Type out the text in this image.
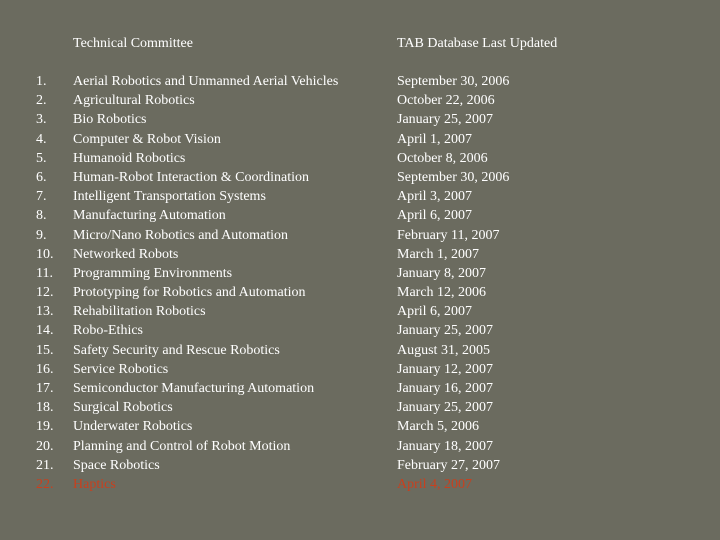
Technical Committee	TAB Database Last Updated
1. Aerial Robotics and Unmanned Aerial Vehicles	September 30, 2006
2. Agricultural Robotics	October 22, 2006
3. Bio Robotics	January 25, 2007
4. Computer & Robot Vision	April 1, 2007
5. Humanoid Robotics	October 8, 2006
6. Human-Robot Interaction & Coordination	September 30, 2006
7. Intelligent Transportation Systems	April 3, 2007
8. Manufacturing Automation	April 6, 2007
9. Micro/Nano Robotics and Automation	February 11, 2007
10. Networked Robots	March 1, 2007
11. Programming Environments	January 8, 2007
12. Prototyping for Robotics and Automation	March 12, 2006
13. Rehabilitation Robotics	April 6, 2007
14. Robo-Ethics	January 25, 2007
15. Safety Security and Rescue Robotics	August 31, 2005
16. Service Robotics	January 12, 2007
17. Semiconductor Manufacturing Automation	January 16, 2007
18. Surgical Robotics	January 25, 2007
19. Underwater Robotics	March 5, 2006
20. Planning and Control of Robot Motion	January 18, 2007
21. Space Robotics	February 27, 2007
22. Haptics	April 4, 2007
